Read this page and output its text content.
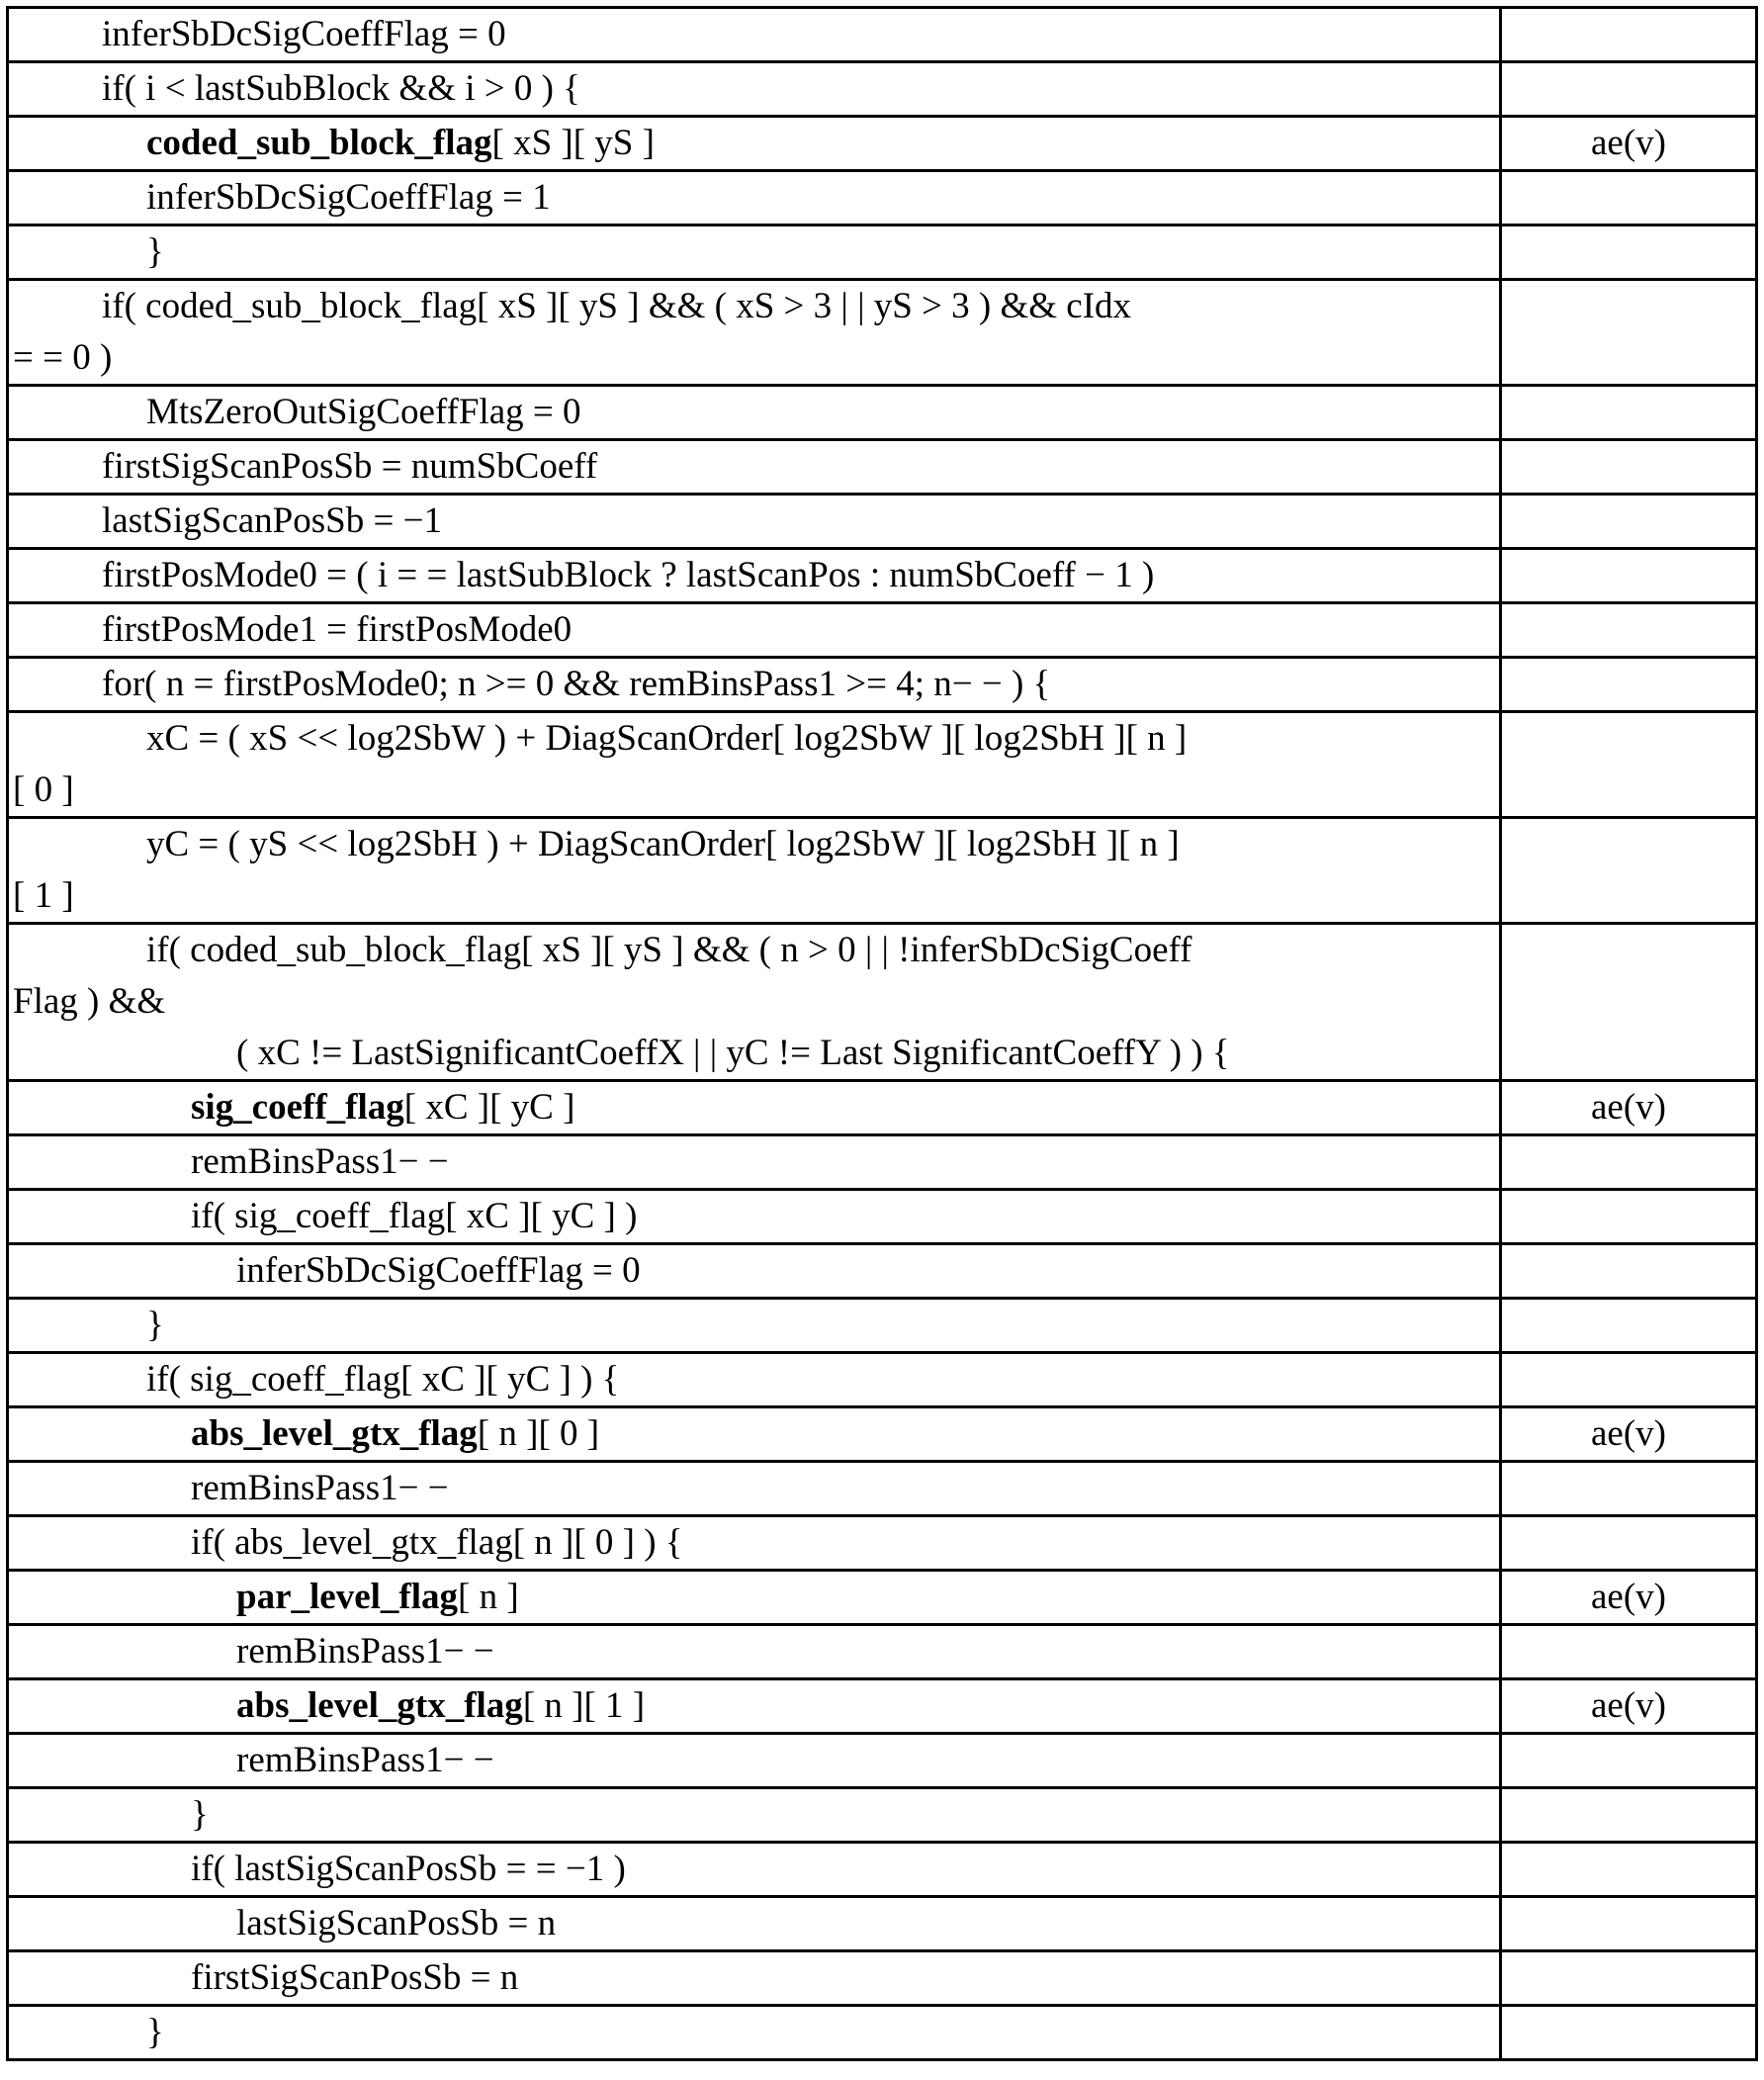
inferSbDcSigCoeffFlag = 0
if( i < lastSubBlock && i > 0 ) {
coded_sub_block_flag[ xS ][ yS ]	ae(v)
inferSbDcSigCoeffFlag = 1
}
if( coded_sub_block_flag[ xS ][ yS ] && ( xS > 3 | | yS > 3 ) && cIdx
= = 0 )
MtsZeroOutSigCoeffFlag = 0
firstSigScanPosSb = numSbCoeff
lastSigScanPosSb = −1
firstPosMode0 = ( i = = lastSubBlock ? lastScanPos : numSbCoeff − 1 )
firstPosMode1 = firstPosMode0
for( n = firstPosMode0; n >= 0 && remBinsPass1 >= 4; n− − ) {
xC = ( xS << log2SbW ) + DiagScanOrder[ log2SbW ][ log2SbH ][ n ]
[ 0 ]
yC = ( yS << log2SbH ) + DiagScanOrder[ log2SbW ][ log2SbH ][ n ]
[ 1 ]
if( coded_sub_block_flag[ xS ][ yS ] && ( n > 0 | | !inferSbDcSigCoeff
Flag ) &&
( xC != LastSignificantCoeffX | | yC != Last SignificantCoeffY ) ) {
sig_coeff_flag[ xC ][ yC ]	ae(v)
remBinsPass1− −
if( sig_coeff_flag[ xC ][ yC ] )
inferSbDcSigCoeffFlag = 0
}
if( sig_coeff_flag[ xC ][ yC ] ) {
abs_level_gtx_flag[ n ][ 0 ]	ae(v)
remBinsPass1− −
if( abs_level_gtx_flag[ n ][ 0 ] ) {
par_level_flag[ n ]	ae(v)
remBinsPass1− −
abs_level_gtx_flag[ n ][ 1 ]	ae(v)
remBinsPass1− −
}
if( lastSigScanPosSb = = −1 )
lastSigScanPosSb = n
firstSigScanPosSb = n
}
